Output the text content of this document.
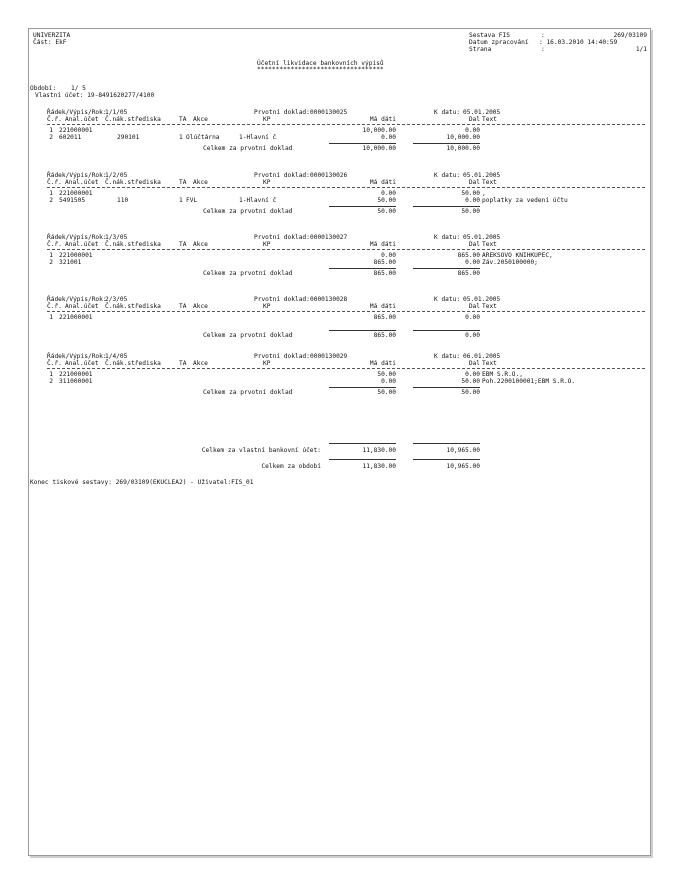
UNIVERZITA
Část: EkF
Sestava FIS	:	269/03109
Datum zpracování : 16.03.2010 14:40:59
Strana	:	1/1
Účetní likvidace bankovních výpisů
**********************************
Období:    1/ 5
Vlastní účet: 19-8491620277/4100
Řádek/Výpis/Rok:
1/1/05	Prvotní doklad: 0000130025	K datu: 05.01.2005
Č.ř. Anal.účet Č.nák.střediska	TA Akce	KP	Má dáti	Dal Text
1 221000001	10,000.00	0.00
2 602011	290101	1 Olúčtárna	1-Hlavní č	0.00	10,000.00
Celkem za prvotní doklad	10,000.00	10,000.00
Řádek/Výpis/Rok:
1/2/05	Prvotní doklad: 0000130026	K datu: 05.01.2005
Č.ř. Anal.účet Č.nák.střediska	TA Akce	KP	Má dáti	Dal Text
1 221000001	0.00	50.00 ,
2 5491505	110	1 FVL	1-Hlavní č	50.00	0.00 poplatky za vedení účtu
Celkem za prvotní doklad	50.00	50.00
Řádek/Výpis/Rok:
1/3/05	Prvotní doklad: 0000130027	K datu: 05.01.2005
Č.ř. Anal.účet Č.nák.střediska	TA Akce	KP	Má dáti	Dal Text
1 221000001	0.00	865.00 AREKSOVO KNIHKUPEC,
2 321001	865.00	0.00 Záv.2050100000;
Celkem za prvotní doklad	865.00	865.00
Řádek/Výpis/Rok:
2/3/05	Prvotní doklad: 0000130028	K datu: 05.01.2005
Č.ř. Anal.účet Č.nák.střediska	TA Akce	KP	Má dáti	Dal Text
1 221000001	865.00	0.00
Celkem za prvotní doklad	865.00	0.00
Řádek/Výpis/Rok:
1/4/05	Prvotní doklad: 0000130029	K datu: 06.01.2005
Č.ř. Anal.účet Č.nák.střediska	TA Akce	KP	Má dáti	Dal Text
1 221000001	50.00	0.00 EBM S.R.O.,
2 311000001	0.00	50.00 Poh.2200100001;EBM S.R.O.
Celkem za prvotní doklad	50.00	50.00
Celkem za vlastní bankovní účet:	11,830.00	10,965.00
Celkem za období	11,830.00	10,965.00
Konec tiskové sestavy: 269/03109(EKUCLEA2) - Uživatel:FIS_01
